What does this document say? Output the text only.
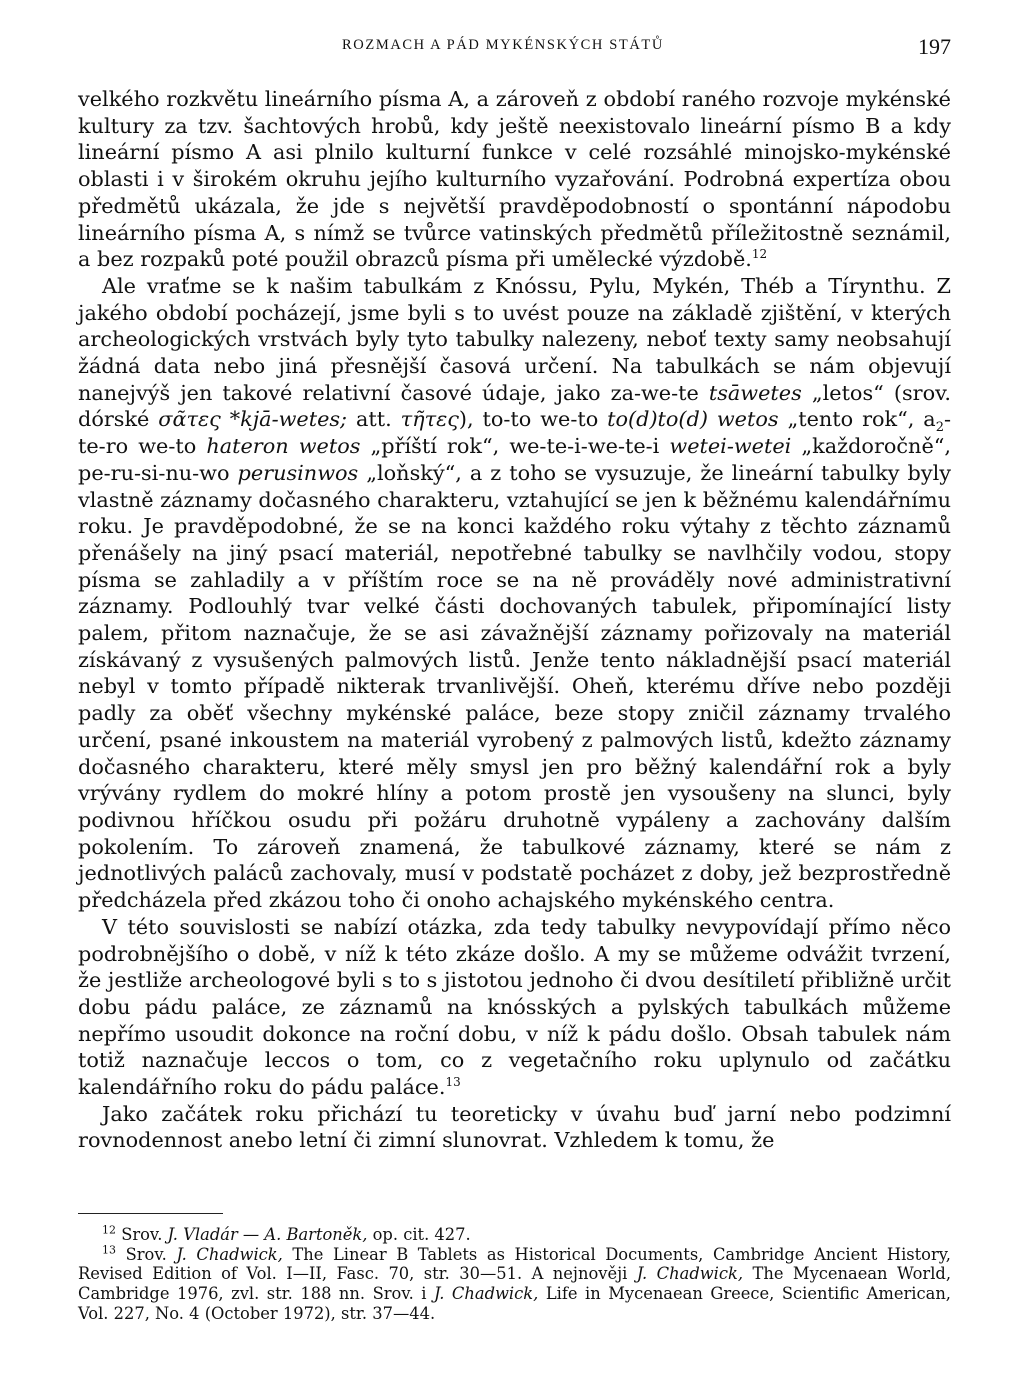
ROZMACH A PÁD MYKÉNSKÝCH STÁTŮ	197

velkého rozkvětu lineárního písma A, a zároveň z období raného rozvoje mykénské kultury za tzv. šachtových hrobů, kdy ještě neexistovalo lineární písmo B a kdy lineární písmo A asi plnilo kulturní funkce v celé rozsáhlé minojsko-mykénské oblasti i v širokém okruhu jejího kulturního vyzařování. Podrobná expertíza obou předmětů ukázala, že jde s největší pravděpodobností o spontánní nápodobu lineárního písma A, s nímž se tvůrce vatinských předmětů příležitostně seznámil, a bez rozpaků poté použil obrazců písma při umělecké výzdobě.$^{12}$

Ale vraťme se k našim tabulkám z Knóssu, Pylu, Mykén, Théb a Tírynthu. Z jakého období pocházejí, jsme byli s to uvést pouze na základě zjištění, v kterých archeologických vrstvách byly tyto tabulky nalezeny, neboť texty samy neobsahují žádná data nebo jiná přesnější časová určení. Na tabulkách se nám objevují nanejvýš jen takové relativní časové údaje, jako za-we-te tsāwetes „letos“ (srov. dórské σᾶτες *kjā-wetes; att. τῆτες), to-to we-to to(d)to(d) wetos „tento rok“, $a_2-te-ro$ we-to hateron wetos „příští rok“, we-te-i-we-te-i wetei-wetei „každoročně“, pe-ru-si-nu-wo perusinwos „loňský“, a z toho se vysuzuje, že lineární tabulky byly vlastně záznamy dočasného charakteru, vztahující se jen k běžnému kalendářnímu roku. Je pravděpodobné, že se na konci každého roku výtahy z těchto záznamů přenášely na jiný psací materiál, nepotřebné tabulky se navlhčily vodou, stopy písma se zahladily a v příštím roce se na ně prováděly nové administrativní záznamy. Podlouhlý tvar velké části dochovaných tabulek, připomínající listy palem, přitom naznačuje, že se asi závažnější záznamy pořizovaly na materiál získávaný z vysušených palmových listů. Jenže tento nákladnější psací materiál nebyl v tomto případě nikterak trvanlivější. Oheň, kterému dříve nebo později padly za oběť všechny mykénské paláce, beze stopy zničil záznamy trvalého určení, psané inkoustem na materiál vyrobený z palmových listů, kdežto záznamy dočasného charakteru, které měly smysl jen pro běžný kalendářní rok a byly vrývány rydlem do mokré hlíny a potom prostě jen vysoušeny na slunci, byly podivnou hříčkou osudu při požáru druhotně vypáleny a zachovány dalším pokolením. To zároveň znamená, že tabulkové záznamy, které se nám z jednotlivých paláců zachovaly, musí v podstatě pocházet z doby, jež bezprostředně předcházela před zkázou toho či onoho achajského mykénského centra.

V této souvislosti se nabízí otázka, zda tedy tabulky nevypovídají přímo něco podrobnějšího o době, v níž k této zkáze došlo. A my se můžeme odvážit tvrzení, že jestliže archeologové byli s to s jistotou jednoho či dvou desítiletí přibližně určit dobu pádu paláce, ze záznamů na knósských a pylských tabulkách můžeme nepřímo usoudit dokonce na roční dobu, v níž k pádu došlo. Obsah tabulek nám totiž naznačuje leccos o tom, co z vegetačního roku uplynulo od začátku kalendářního roku do pádu paláce.$^{13}$

Jako začátek roku přichází tu teoreticky v úvahu buď jarní nebo podzimní rovnodennost anebo letní či zimní slunovrat. Vzhledem k tomu, že

$^{12}$ Srov. J. Vladár — A. Bartoněk, op. cit. 427.

$^{13}$ Srov. J. Chadwick, The Linear B Tablets as Historical Documents, Cambridge Ancient History, Revised Edition of Vol. I—II, Fasc. 70, str. 30—51. A nejnověji J. Chadwick, The Mycenaean World, Cambridge 1976, zvl. str. 188 nn. Srov. i J. Chadwick, Life in Mycenaean Greece, Scientific American, Vol. 227, No. 4 (October 1972), str. 37—44.
